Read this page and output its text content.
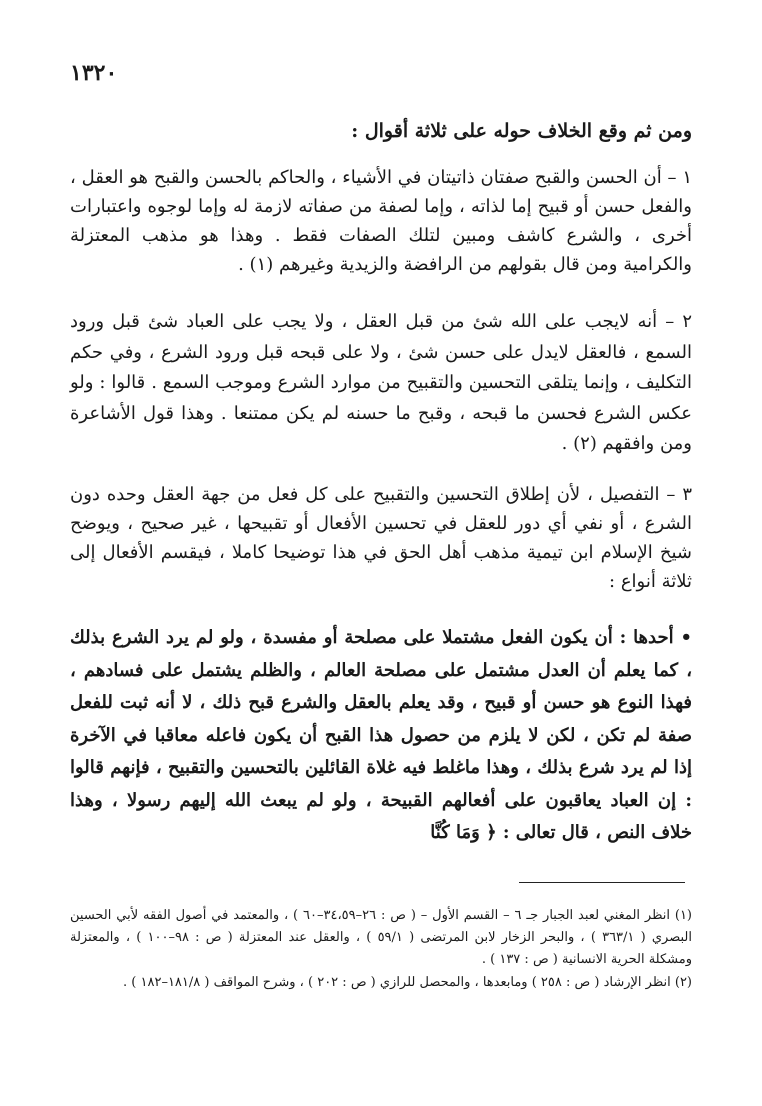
١٣٢٠
ومن ثم وقع الخلاف حوله على ثلاثة أقوال :
١ – أن الحسن والقبح صفتان ذاتيتان في الأشياء ، والحاكم بالحسن والقبح هو العقل ، والفعل حسن أو قبيح إما لذاته ، وإما لصفة من صفاته لازمة له وإما لوجوه واعتبارات أخرى ، والشرع كاشف ومبين لتلك الصفات فقط . وهذا هو مذهب المعتزلة والكرامية ومن قال بقولهم من الرافضة والزيدية وغيرهم (١) .
٢ – أنه لايجب على الله شئ من قبل العقل ، ولا يجب على العباد شئ قبل ورود السمع ، فالعقل لايدل على حسن شئ ، ولا على قبحه قبل ورود الشرع ، وفي حكم التكليف ، وإنما يتلقى التحسين والتقبيح من موارد الشرع وموجب السمع . قالوا : ولو عكس الشرع فحسن ما قبحه ، وقبح ما حسنه لم يكن ممتنعا . وهذا قول الأشاعرة ومن وافقهم (٢) .
٣ – التفصيل ، لأن إطلاق التحسين والتقبيح على كل فعل من جهة العقل وحده دون الشرع ، أو نفي أي دور للعقل في تحسين الأفعال أو تقبيحها ، غير صحيح ، ويوضح شيخ الإسلام ابن تيمية مذهب أهل الحق في هذا توضيحا كاملا ، فيقسم الأفعال إلى ثلاثة أنواع :
• أحدها : أن يكون الفعل مشتملا على مصلحة أو مفسدة ، ولو لم يرد الشرع بذلك ، كما يعلم أن العدل مشتمل على مصلحة العالم ، والظلم يشتمل على فسادهم ، فهذا النوع هو حسن أو قبيح ، وقد يعلم بالعقل والشرع قبح ذلك ، لا أنه ثبت للفعل صفة لم تكن ، لكن لا يلزم من حصول هذا القبح أن يكون فاعله معاقبا في الآخرة إذا لم يرد شرع بذلك ، وهذا ماغلط فيه غلاة القائلين بالتحسين والتقبيح ، فإنهم قالوا : إن العباد يعاقبون على أفعالهم القبيحة ، ولو لم يبعث الله إليهم رسولا ، وهذا خلاف النص ، قال تعالى : ﴿ وَمَا كُنَّا
(١) انظر المغني لعبد الجبار جـ ٦ – القسم الأول – ( ص : ٢٦–٣٤،٥٩–٦٠ ) ، والمعتمد في أصول الفقه لأبي الحسين البصري ( ٣٦٣/١ ) ، والبحر الزخار لابن المرتضى ( ٥٩/١ ) ، والعقل عند المعتزلة ( ص : ٩٨–١٠٠ ) ، والمعتزلة ومشكلة الحرية الانسانية ( ص : ١٣٧ ) .
(٢) انظر الإرشاد ( ص : ٢٥٨ ) ومابعدها ، والمحصل للرازي ( ص : ٢٠٢ ) ، وشرح المواقف ( ١٨١/٨–١٨٢ ) .
